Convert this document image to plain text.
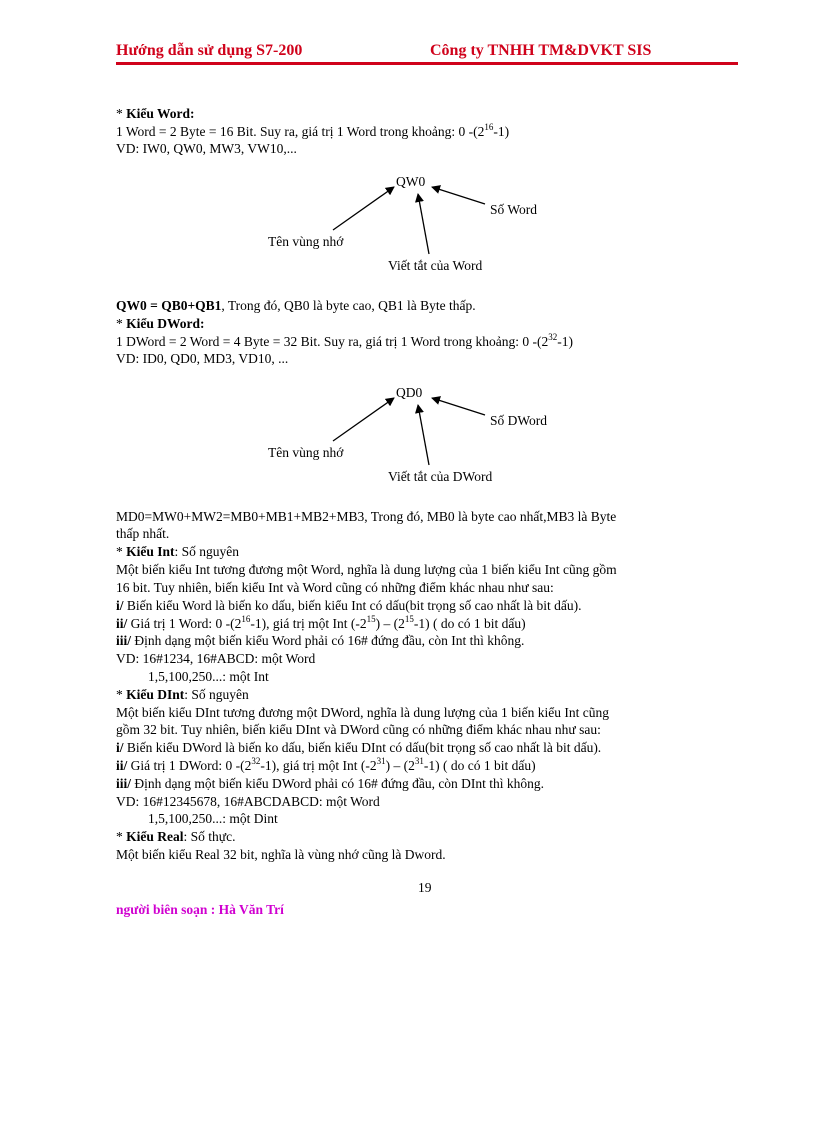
Hướng dẫn sử dụng S7-200	Công ty TNHH TM&DVKT SIS
* Kiểu Word:
1 Word = 2 Byte = 16 Bit. Suy ra, giá trị 1 Word trong khoảng: 0 $-(2^{16}-1)$
VD: IW0, QW0, MW3, VW10,...
QW0
Số Word
Tên vùng nhớ
Viết tắt của Word
QW0 = QB0+QB1, Trong đó, QB0 là byte cao, QB1 là Byte thấp.
* Kiểu DWord:
1 DWord = 2 Word = 4 Byte = 32 Bit. Suy ra, giá trị 1 Word trong khoảng: 0 $-(2^{32}-1)$
VD: ID0, QD0, MD3, VD10, ...
QD0
Số DWord
Tên vùng nhớ
Viết tắt của DWord
MD0=MW0+MW2=MB0+MB1+MB2+MB3, Trong đó, MB0 là byte cao nhất,MB3 là Byte
thấp nhất.
* Kiểu Int: Số nguyên
Một biến kiểu Int tương đương một Word, nghĩa là dung lượng của 1 biến kiểu Int cũng gồm
16 bit. Tuy nhiên, biến kiểu Int và Word cũng có những điểm khác nhau như sau:
i/ Biến kiểu Word là biến ko dấu, biến kiểu Int có dấu(bit trọng số cao nhất là bit dấu).
ii/ Giá trị 1 Word: 0 $-(2^{16}-1)$, giá trị một Int $(-2^{15}) - (2^{15}-1)$ ( do có 1 bit dấu)
iii/ Định dạng một biến kiểu Word phải có 16# đứng đầu, còn Int thì không.
VD: 16#1234, 16#ABCD: một Word
1,5,100,250...: một Int
* Kiểu DInt: Số nguyên
Một biến kiểu DInt tương đương một DWord, nghĩa là dung lượng của 1 biến kiểu Int cũng
gồm 32 bit. Tuy nhiên, biến kiểu DInt và DWord cũng có những điểm khác nhau như sau:
i/ Biến kiểu DWord là biến ko dấu, biến kiểu DInt có dấu(bit trọng số cao nhất là bit dấu).
ii/ Giá trị 1 DWord: 0 $-(2^{32}-1)$, giá trị một Int $(-2^{31}) - (2^{31}-1)$ ( do có 1 bit dấu)
iii/ Định dạng một biến kiểu DWord phải có 16# đứng đầu, còn DInt thì không.
VD: 16#12345678, 16#ABCDABCD: một Word
1,5,100,250...: một Dint
* Kiểu Real: Số thực.
Một biến kiểu Real 32 bit, nghĩa là vùng nhớ cũng là Dword.
19
người biên soạn : Hà Văn Trí
